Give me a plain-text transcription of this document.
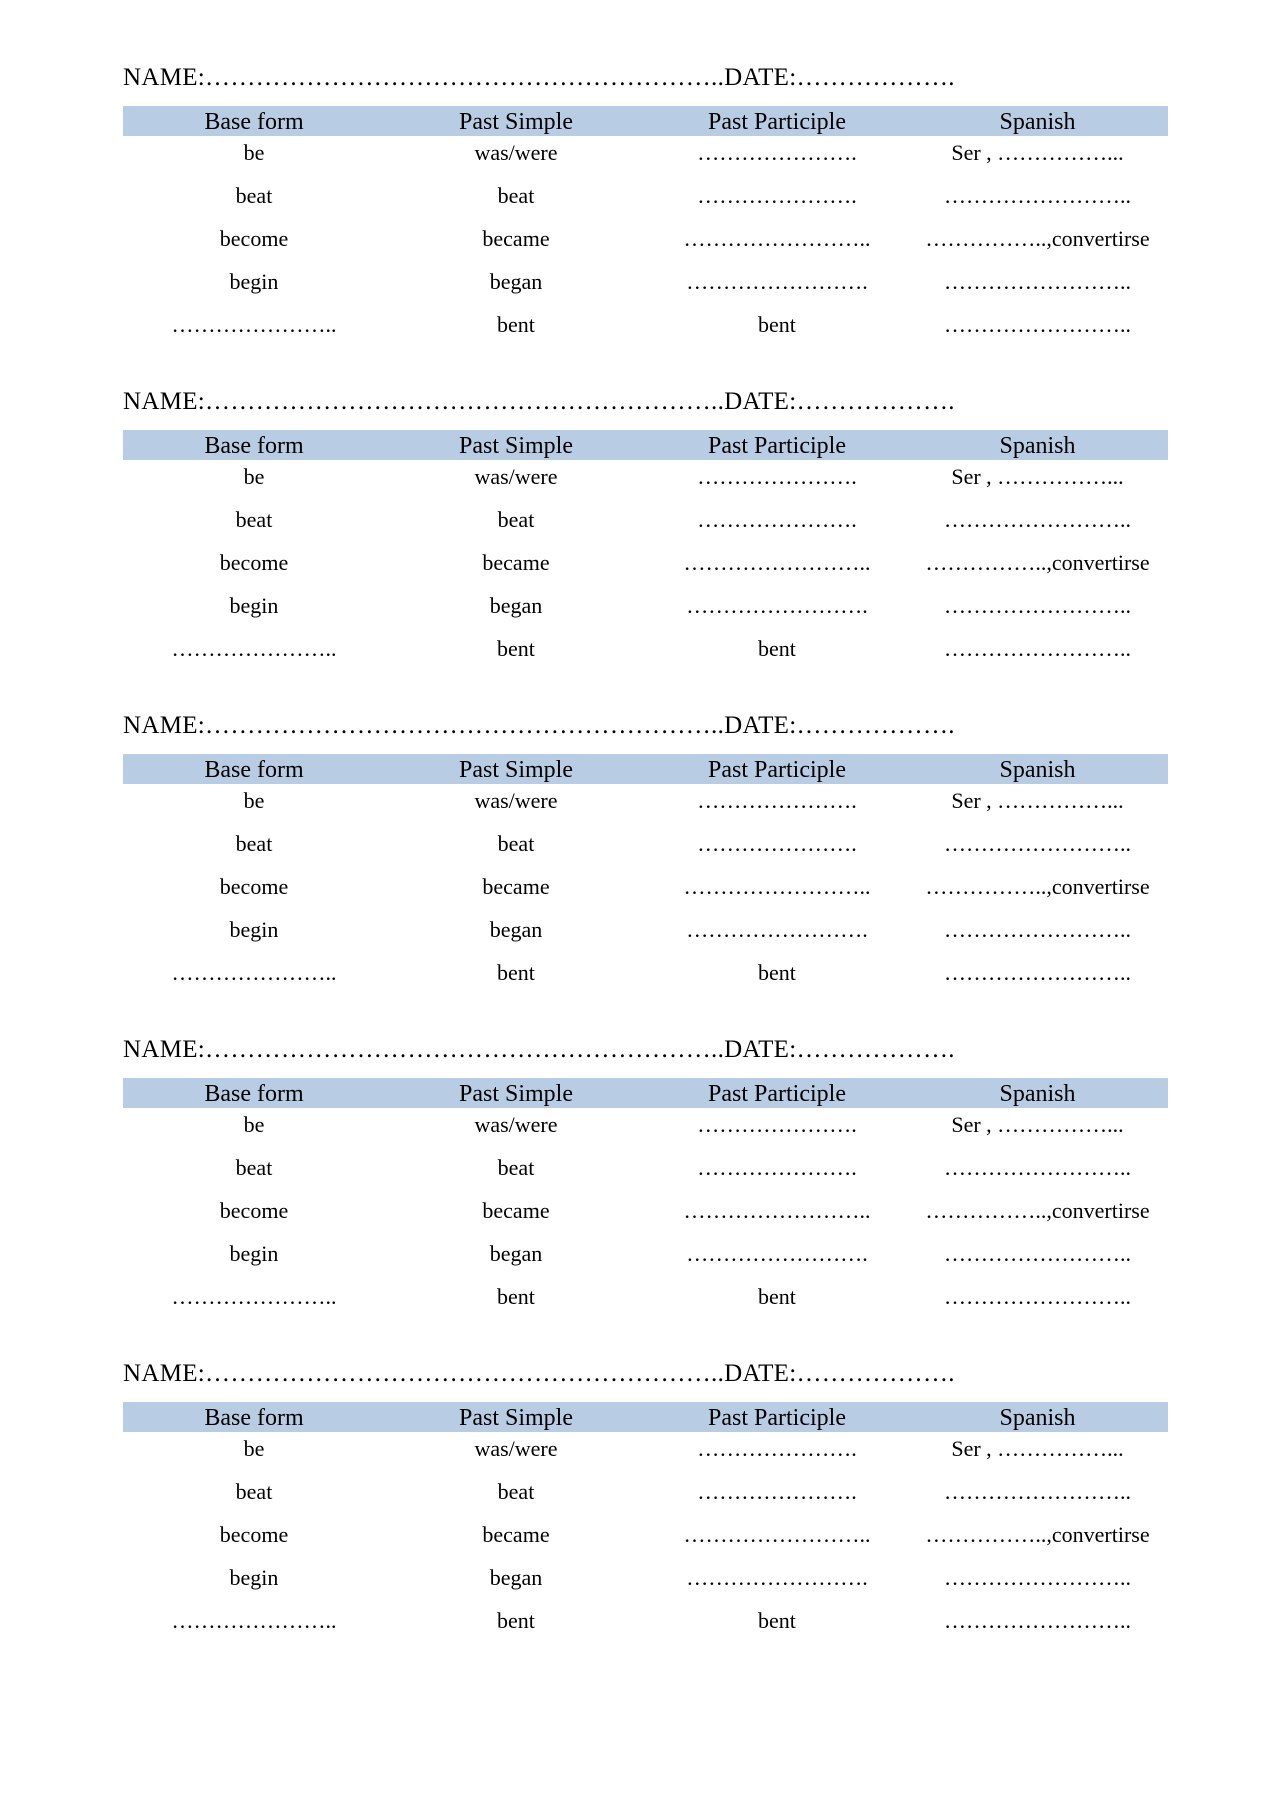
NAME:……………………………………………………..DATE:……………….
Base form	Past Simple	Past Participle	Spanish
be	was/were	………………….	Ser , ……………...
beat	beat	………………….	……………………..
become	became	……………………..	……………..,convertirse
begin	began	…………………….	……………………..
…………………..	bent	bent	……………………..
NAME:……………………………………………………..DATE:……………….
Base form	Past Simple	Past Participle	Spanish
be	was/were	………………….	Ser , ……………...
beat	beat	………………….	……………………..
become	became	……………………..	……………..,convertirse
begin	began	…………………….	……………………..
…………………..	bent	bent	……………………..
NAME:……………………………………………………..DATE:……………….
Base form	Past Simple	Past Participle	Spanish
be	was/were	………………….	Ser , ……………...
beat	beat	………………….	……………………..
become	became	……………………..	……………..,convertirse
begin	began	…………………….	……………………..
…………………..	bent	bent	……………………..
NAME:……………………………………………………..DATE:……………….
Base form	Past Simple	Past Participle	Spanish
be	was/were	………………….	Ser , ……………...
beat	beat	………………….	……………………..
become	became	……………………..	……………..,convertirse
begin	began	…………………….	……………………..
…………………..	bent	bent	……………………..
NAME:……………………………………………………..DATE:……………….
Base form	Past Simple	Past Participle	Spanish
be	was/were	………………….	Ser , ……………...
beat	beat	………………….	……………………..
become	became	……………………..	……………..,convertirse
begin	began	…………………….	……………………..
…………………..	bent	bent	……………………..
